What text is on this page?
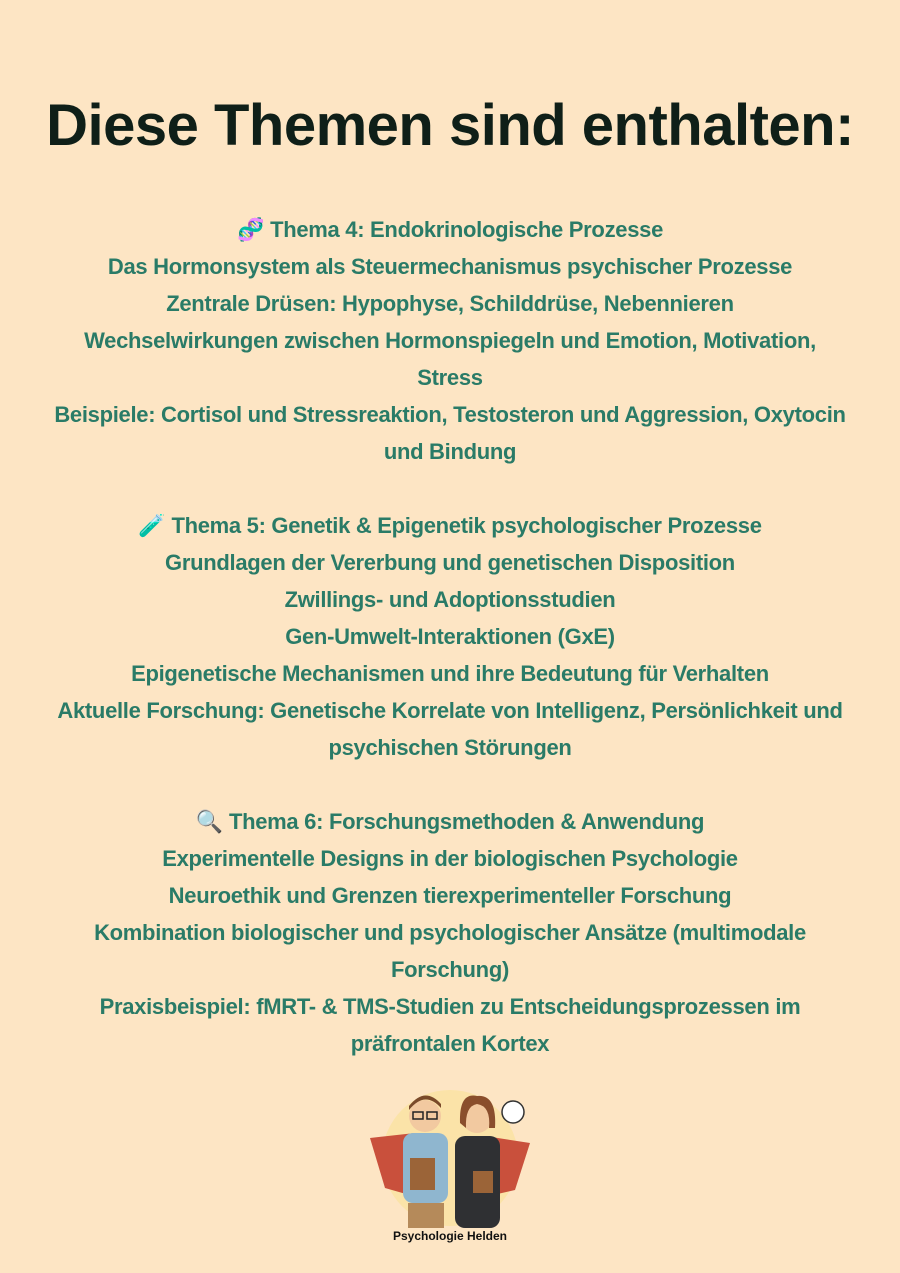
Diese Themen sind enthalten:
🧬 Thema 4: Endokrinologische Prozesse
Das Hormonsystem als Steuermechanismus psychischer Prozesse
Zentrale Drüsen: Hypophyse, Schilddrüse, Nebennieren
Wechselwirkungen zwischen Hormonspiegeln und Emotion, Motivation, Stress
Beispiele: Cortisol und Stressreaktion, Testosteron und Aggression, Oxytocin und Bindung
🧪 Thema 5: Genetik & Epigenetik psychologischer Prozesse
Grundlagen der Vererbung und genetischen Disposition
Zwillings- und Adoptionsstudien
Gen-Umwelt-Interaktionen (GxE)
Epigenetische Mechanismen und ihre Bedeutung für Verhalten
Aktuelle Forschung: Genetische Korrelate von Intelligenz, Persönlichkeit und psychischen Störungen
🔍 Thema 6: Forschungsmethoden & Anwendung
Experimentelle Designs in der biologischen Psychologie
Neuroethik und Grenzen tierexperimenteller Forschung
Kombination biologischer und psychologischer Ansätze (multimodale Forschung)
Praxisbeispiel: fMRT- & TMS-Studien zu Entscheidungsprozessen im präfrontalen Kortex
Psychologie Helden
